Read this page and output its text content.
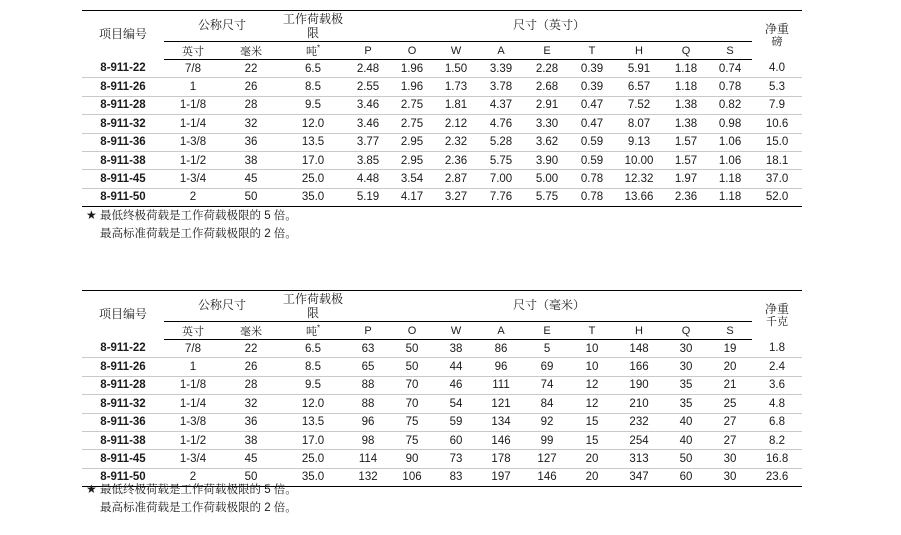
项目编号	公称尺寸		工作荷载极限	尺寸（英寸）									净重
磅

	英寸	毫米	吨*	P	O	W	A	E	T	H	Q	S	
8-911-22	7/8	22	6.5	2.48	1.96	1.50	3.39	2.28	0.39	5.91	1.18	0.74	4.0
8-911-26	1	26	8.5	2.55	1.96	1.73	3.78	2.68	0.39	6.57	1.18	0.78	5.3
8-911-28	1-1/8	28	9.5	3.46	2.75	1.81	4.37	2.91	0.47	7.52	1.38	0.82	7.9
8-911-32	1-1/4	32	12.0	3.46	2.75	2.12	4.76	3.30	0.47	8.07	1.38	0.98	10.6
8-911-36	1-3/8	36	13.5	3.77	2.95	2.32	5.28	3.62	0.59	9.13	1.57	1.06	15.0
8-911-38	1-1/2	38	17.0	3.85	2.95	2.36	5.75	3.90	0.59	10.00	1.57	1.06	18.1
8-911-45	1-3/4	45	25.0	4.48	3.54	2.87	7.00	5.00	0.78	12.32	1.97	1.18	37.0
8-911-50	2	50	35.0	5.19	4.17	3.27	7.76	5.75	0.78	13.66	2.36	1.18	52.0
★ 最低终极荷载是工作荷载极限的 5 倍。
最高标准荷载是工作荷载极限的 2 倍。
项目编号	公称尺寸		工作荷载极限	尺寸（毫米）									净重
千克

	英寸	毫米	吨*	P	O	W	A	E	T	H	Q	S	
8-911-22	7/8	22	6.5	63	50	38	86	5	10	148	30	19	1.8
8-911-26	1	26	8.5	65	50	44	96	69	10	166	30	20	2.4
8-911-28	1-1/8	28	9.5	88	70	46	111	74	12	190	35	21	3.6
8-911-32	1-1/4	32	12.0	88	70	54	121	84	12	210	35	25	4.8
8-911-36	1-3/8	36	13.5	96	75	59	134	92	15	232	40	27	6.8
8-911-38	1-1/2	38	17.0	98	75	60	146	99	15	254	40	27	8.2
8-911-45	1-3/4	45	25.0	114	90	73	178	127	20	313	50	30	16.8
8-911-50	2	50	35.0	132	106	83	197	146	20	347	60	30	23.6
★ 最低终极荷载是工作荷载极限的 5 倍。
最高标准荷载是工作荷载极限的 2 倍。
